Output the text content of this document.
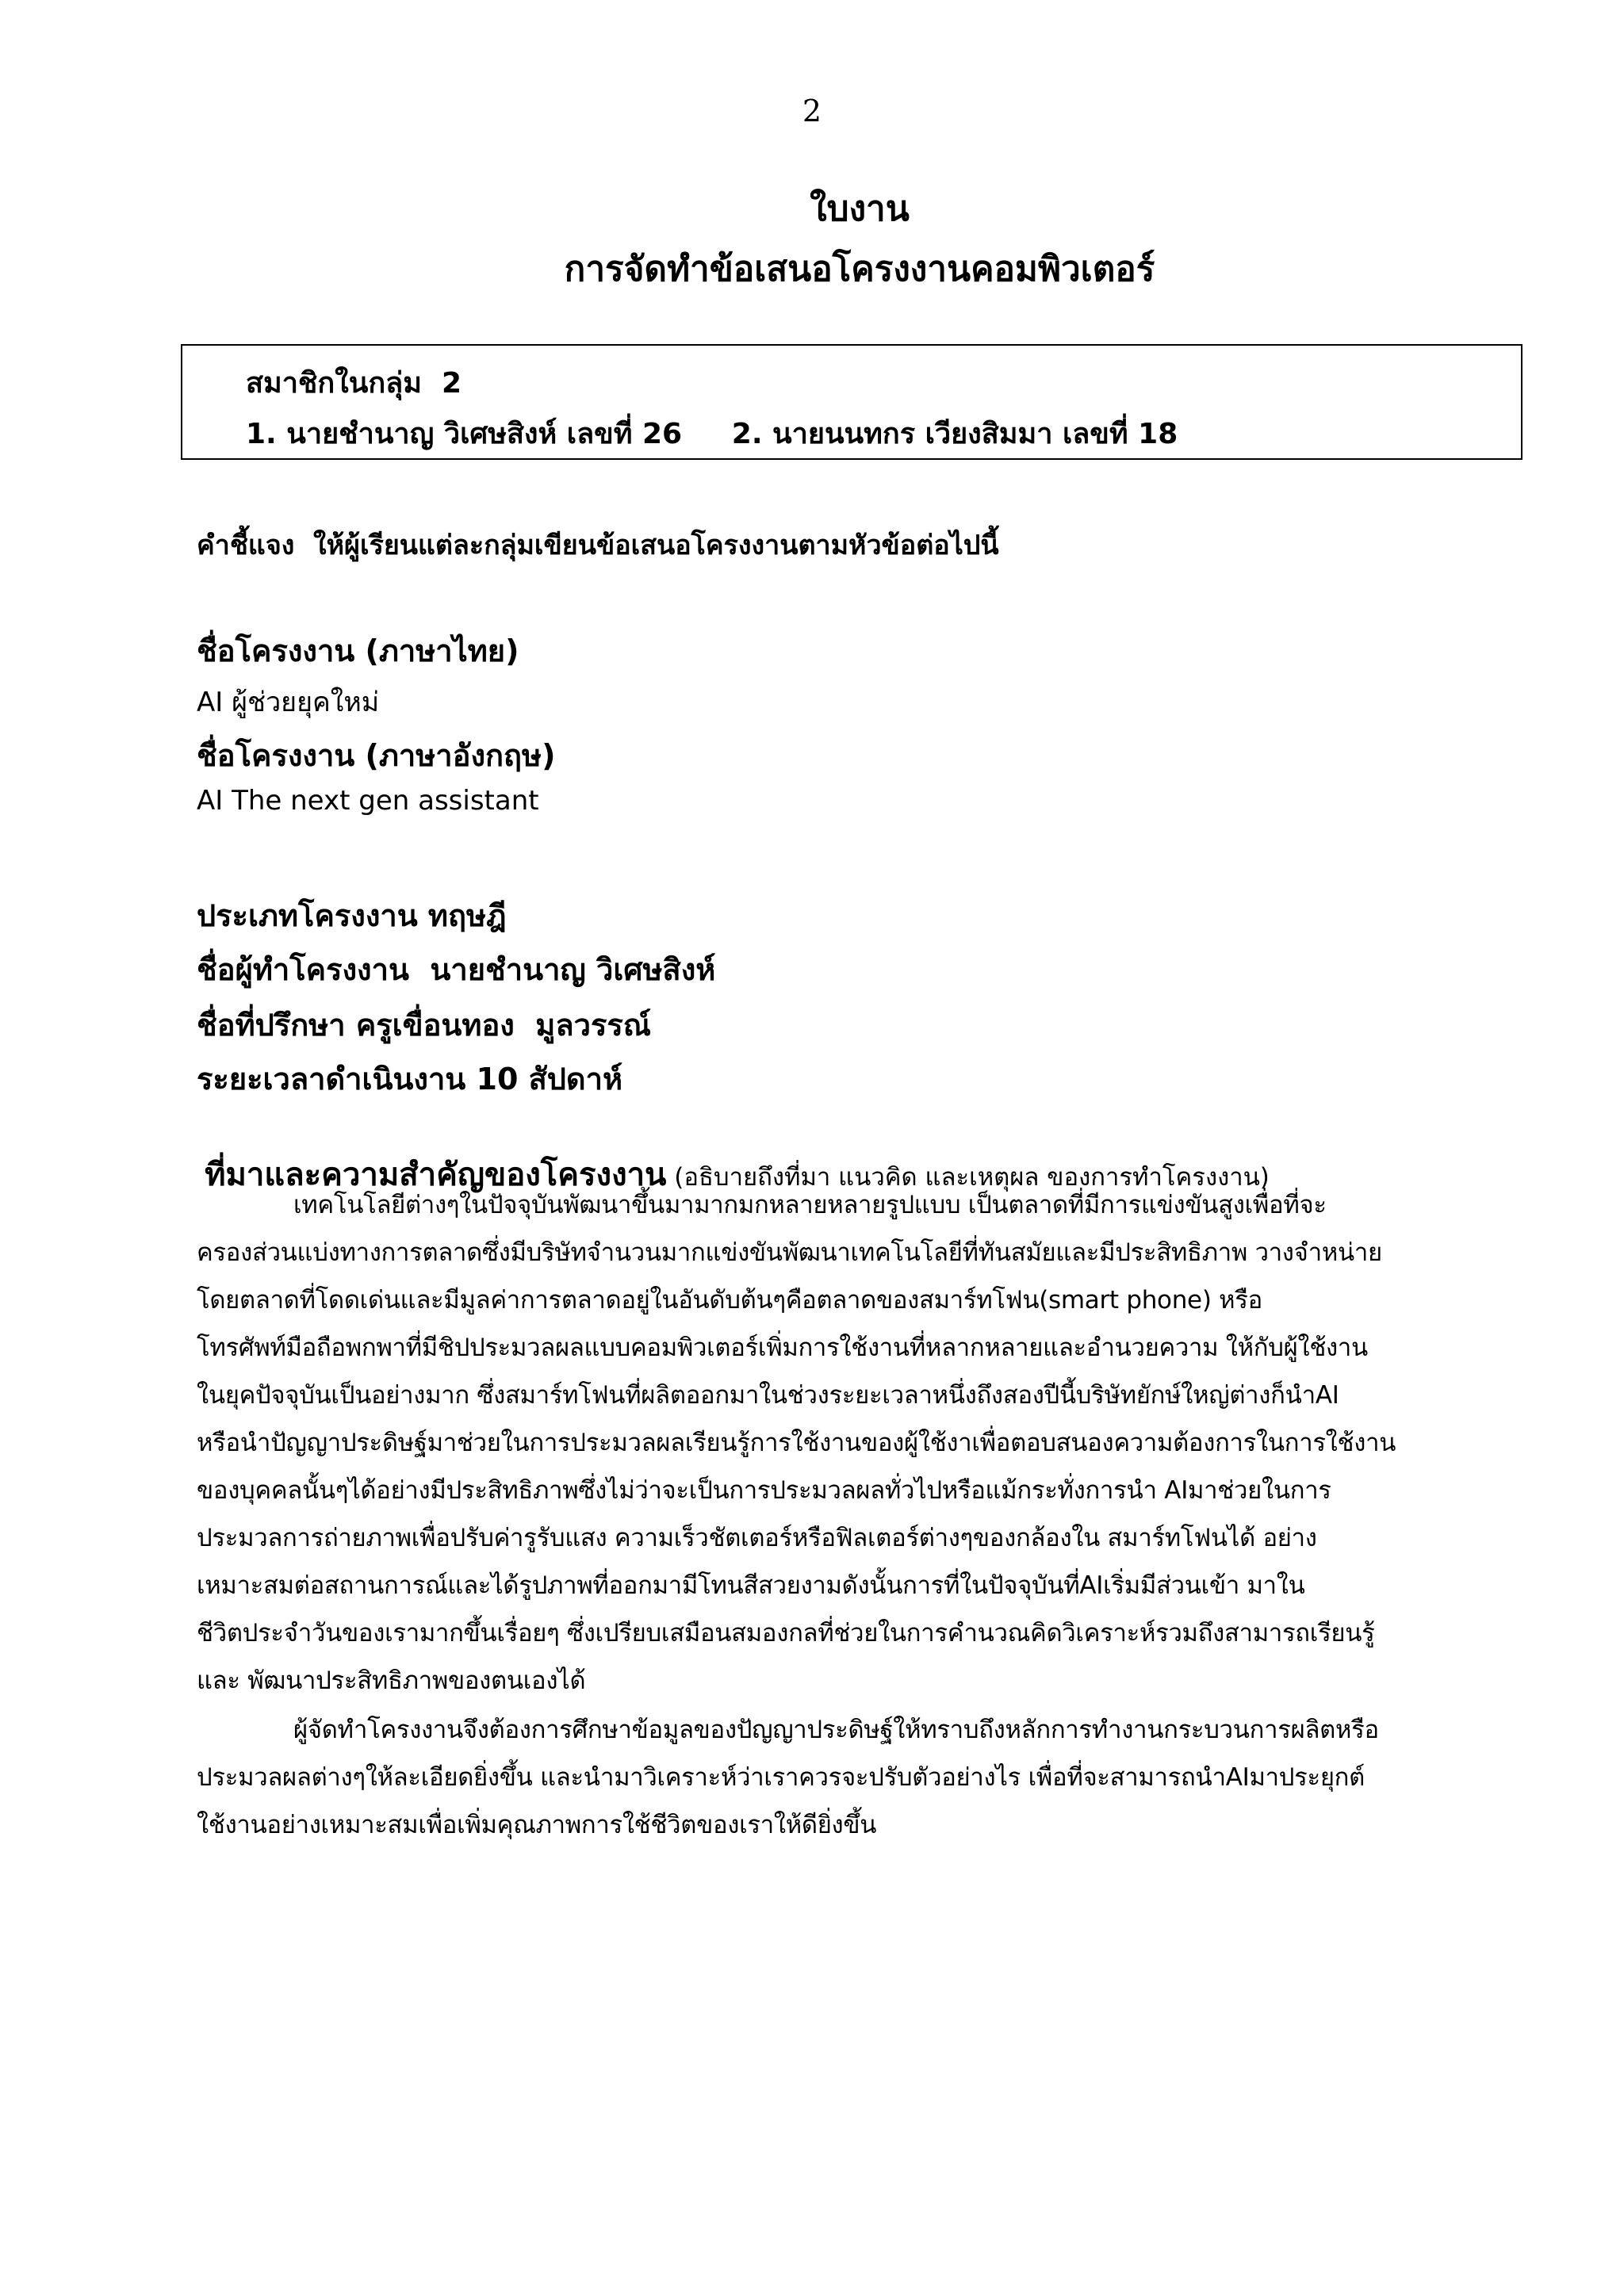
2
ใบงาน
การจัดทำข้อเสนอโครงงานคอมพิวเตอร์
สมาชิกในกลุ่ม  2
1. นายชำนาญ วิเศษสิงห์ เลขที่ 26     2. นายนนทกร เวียงสิมมา เลขที่ 18
คำชี้แจง  ให้ผู้เรียนแต่ละกลุ่มเขียนข้อเสนอโครงงานตามหัวข้อต่อไปนี้
ชื่อโครงงาน (ภาษาไทย)
AI ผู้ช่วยยุคใหม่
ชื่อโครงงาน (ภาษาอังกฤษ)
AI The next gen assistant
ประเภทโครงงาน ทฤษฎี
ชื่อผู้ทำโครงงาน  นายชำนาญ วิเศษสิงห์
ชื่อที่ปรึกษา ครูเขื่อนทอง  มูลวรรณ์
ระยะเวลาดำเนินงาน 10 สัปดาห์

ที่มาและความสำคัญของโครงงาน (อธิบายถึงที่มา แนวคิด และเหตุผล ของการทำโครงงาน)

เทคโนโลยีต่างๆในปัจจุบันพัฒนาขึ้นมามากมกหลายหลายรูปแบบ เป็นตลาดที่มีการแข่งขันสูงเพื่อที่จะ
ครองส่วนแบ่งทางการตลาดซึ่งมีบริษัทจำนวนมากแข่งขันพัฒนาเทคโนโลยีที่ทันสมัยและมีประสิทธิภาพ วางจำหน่าย
โดยตลาดที่โดดเด่นและมีมูลค่าการตลาดอยู่ในอันดับต้นๆคือตลาดของสมาร์ทโฟน(smart phone) หรือ
โทรศัพท์มือถือพกพาที่มีชิปประมวลผลแบบคอมพิวเตอร์เพิ่มการใช้งานที่หลากหลายและอำนวยความ ให้กับผู้ใช้งาน
ในยุคปัจจุบันเป็นอย่างมาก ซึ่งสมาร์ทโฟนที่ผลิตออกมาในช่วงระยะเวลาหนึ่งถึงสองปีนี้บริษัทยักษ์ใหญ่ต่างก็นำAI
หรือนำปัญญาประดิษฐ์มาช่วยในการประมวลผลเรียนรู้การใช้งานของผู้ใช้งาเพื่อตอบสนองความต้องการในการใช้งาน
ของบุคคลนั้นๆได้อย่างมีประสิทธิภาพซึ่งไม่ว่าจะเป็นการประมวลผลทั่วไปหรือแม้กระทั่งการนำ AIมาช่วยในการ
ประมวลการถ่ายภาพเพื่อปรับค่ารูรับแสง ความเร็วชัตเตอร์หรือฟิลเตอร์ต่างๆของกล้องใน สมาร์ทโฟนได้ อย่าง
เหมาะสมต่อสถานการณ์และได้รูปภาพที่ออกมามีโทนสีสวยงามดังนั้นการที่ในปัจจุบันที่AIเริ่มมีส่วนเข้า มาใน
ชีวิตประจำวันของเรามากขึ้นเรื่อยๆ ซึ่งเปรียบเสมือนสมองกลที่ช่วยในการคำนวณคิดวิเคราะห์รวมถึงสามารถเรียนรู้
และ พัฒนาประสิทธิภาพของตนเองได้
ผู้จัดทำโครงงานจึงต้องการศึกษาข้อมูลของปัญญาประดิษฐ์ให้ทราบถึงหลักการทำงานกระบวนการผลิตหรือ
ประมวลผลต่างๆให้ละเอียดยิ่งขึ้น และนำมาวิเคราะห์ว่าเราควรจะปรับตัวอย่างไร เพื่อที่จะสามารถนำAIมาประยุกต์
ใช้งานอย่างเหมาะสมเพื่อเพิ่มคุณภาพการใช้ชีวิตของเราให้ดียิ่งขึ้น
